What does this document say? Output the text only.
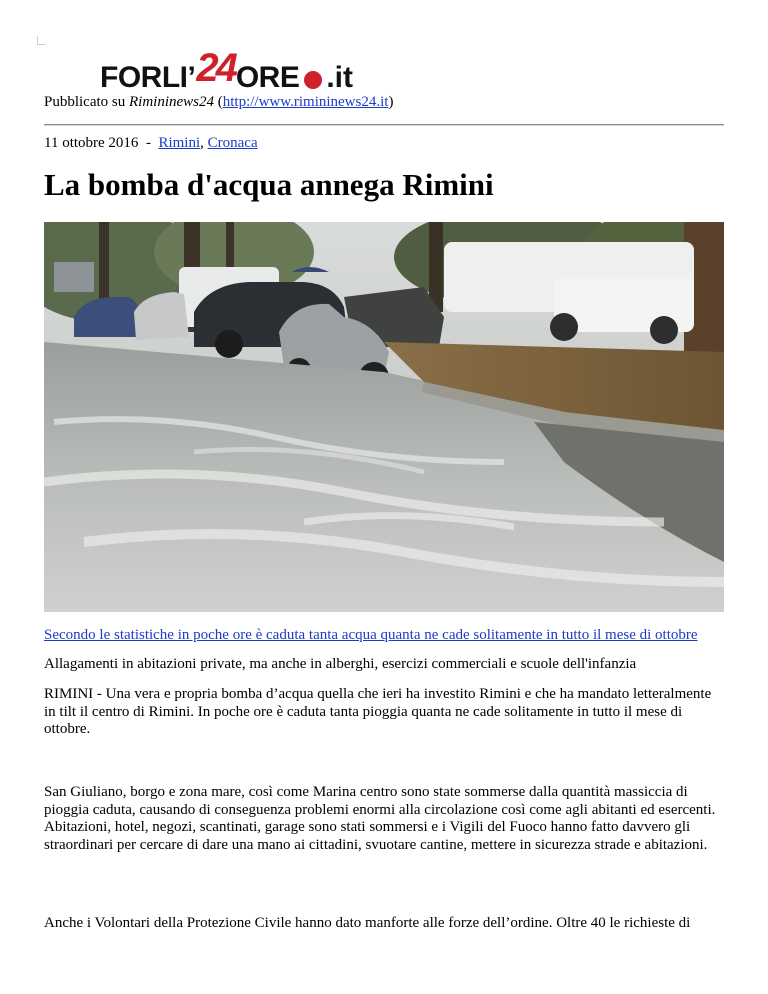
FORLI’24ORE .it
Pubblicato su Rimininews24 (http://www.rimininews24.it)
11 ottobre 2016 - Rimini, Cronaca
La bomba d'acqua annega Rimini
Secondo le statistiche in poche ore è caduta tanta acqua quanta ne cade solitamente in tutto il mese di ottobre

Allagamenti in abitazioni private, ma anche in alberghi, esercizi commerciali e scuole dell'infanzia

RIMINI - Una vera e propria bomba d’acqua quella che ieri ha investito Rimini e che ha mandato letteralmente in tilt il centro di Rimini. In poche ore è caduta tanta pioggia quanta ne cade solitamente in tutto il mese di ottobre.

San Giuliano, borgo e zona mare, così come Marina centro sono state sommerse dalla quantità massiccia di pioggia caduta, causando di conseguenza problemi enormi alla circolazione così come agli abitanti ed esercenti. Abitazioni, hotel, negozi, scantinati, garage sono stati sommersi e i Vigili del Fuoco hanno fatto davvero gli straordinari per cercare di dare una mano ai cittadini, svuotare cantine, mettere in sicurezza strade e abitazioni.

Anche i Volontari della Protezione Civile hanno dato manforte alle forze dell’ordine. Oltre 40 le richieste di
